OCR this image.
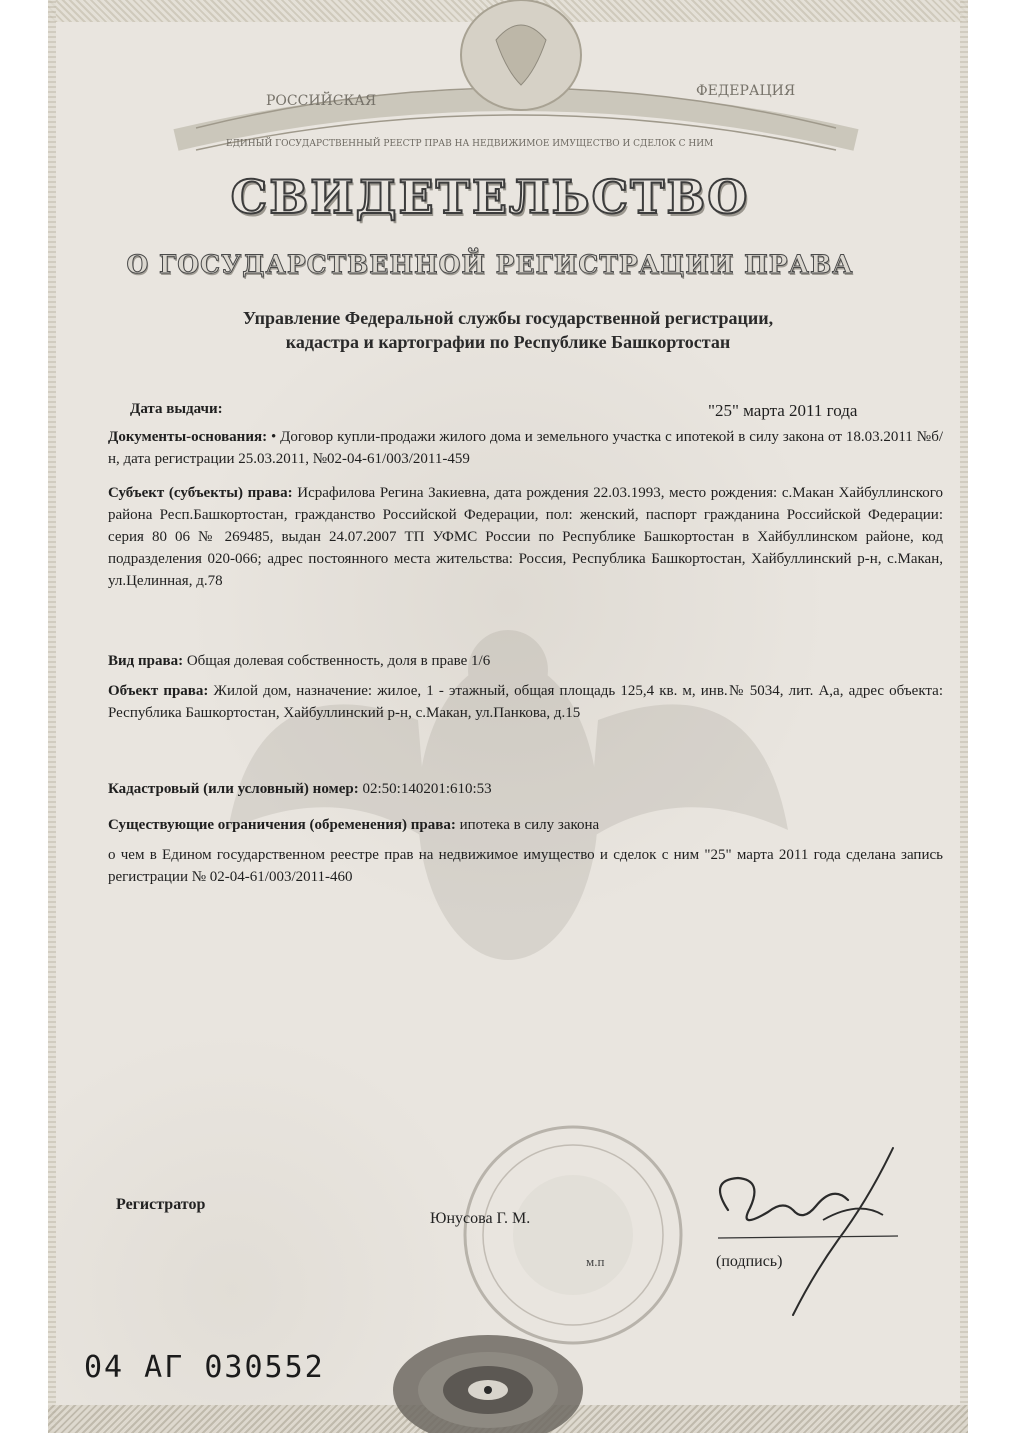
РОССИЙСКАЯ
ФЕДЕРАЦИЯ
ЕДИНЫЙ ГОСУДАРСТВЕННЫЙ РЕЕСТР ПРАВ НА НЕДВИЖИМОЕ ИМУЩЕСТВО И СДЕЛОК С НИМ
СВИДЕТЕЛЬСТВО
О ГОСУДАРСТВЕННОЙ РЕГИСТРАЦИИ ПРАВА
Управление Федеральной службы государственной регистрации,
кадастра и картографии по Республике Башкортостан
Дата выдачи:	"25" марта 2011 года
Документы-основания: • Договор купли-продажи жилого дома и земельного участка с ипотекой в силу закона от 18.03.2011 №б/н, дата регистрации 25.03.2011, №02-04-61/003/2011-459
Субъект (субъекты) права: Исрафилова Регина Закиевна, дата рождения 22.03.1993, место рождения: с.Макан Хайбуллинского района Респ.Башкортостан, гражданство Российской Федерации, пол: женский, паспорт гражданина Российской Федерации: серия 80 06 № 269485, выдан 24.07.2007 ТП УФМС России по Республике Башкортостан в Хайбуллинском районе, код подразделения 020-066; адрес постоянного места жительства: Россия, Республика Башкортостан, Хайбуллинский р-н, с.Макан, ул.Целинная, д.78
Вид права: Общая долевая собственность, доля в праве 1/6
Объект права: Жилой дом, назначение: жилое, 1 - этажный, общая площадь 125,4 кв. м, инв.№ 5034, лит. А,а, адрес объекта: Республика Башкортостан, Хайбуллинский р-н, с.Макан, ул.Панкова, д.15
Кадастровый (или условный) номер: 02:50:140201:610:53
Существующие ограничения (обременения) права: ипотека в силу закона
о чем в Едином государственном реестре прав на недвижимое имущество и сделок с ним "25" марта 2011 года сделана запись регистрации № 02-04-61/003/2011-460
Регистратор
Юнусова Г. М.
м.п	(подпись)
04 АГ 030552
